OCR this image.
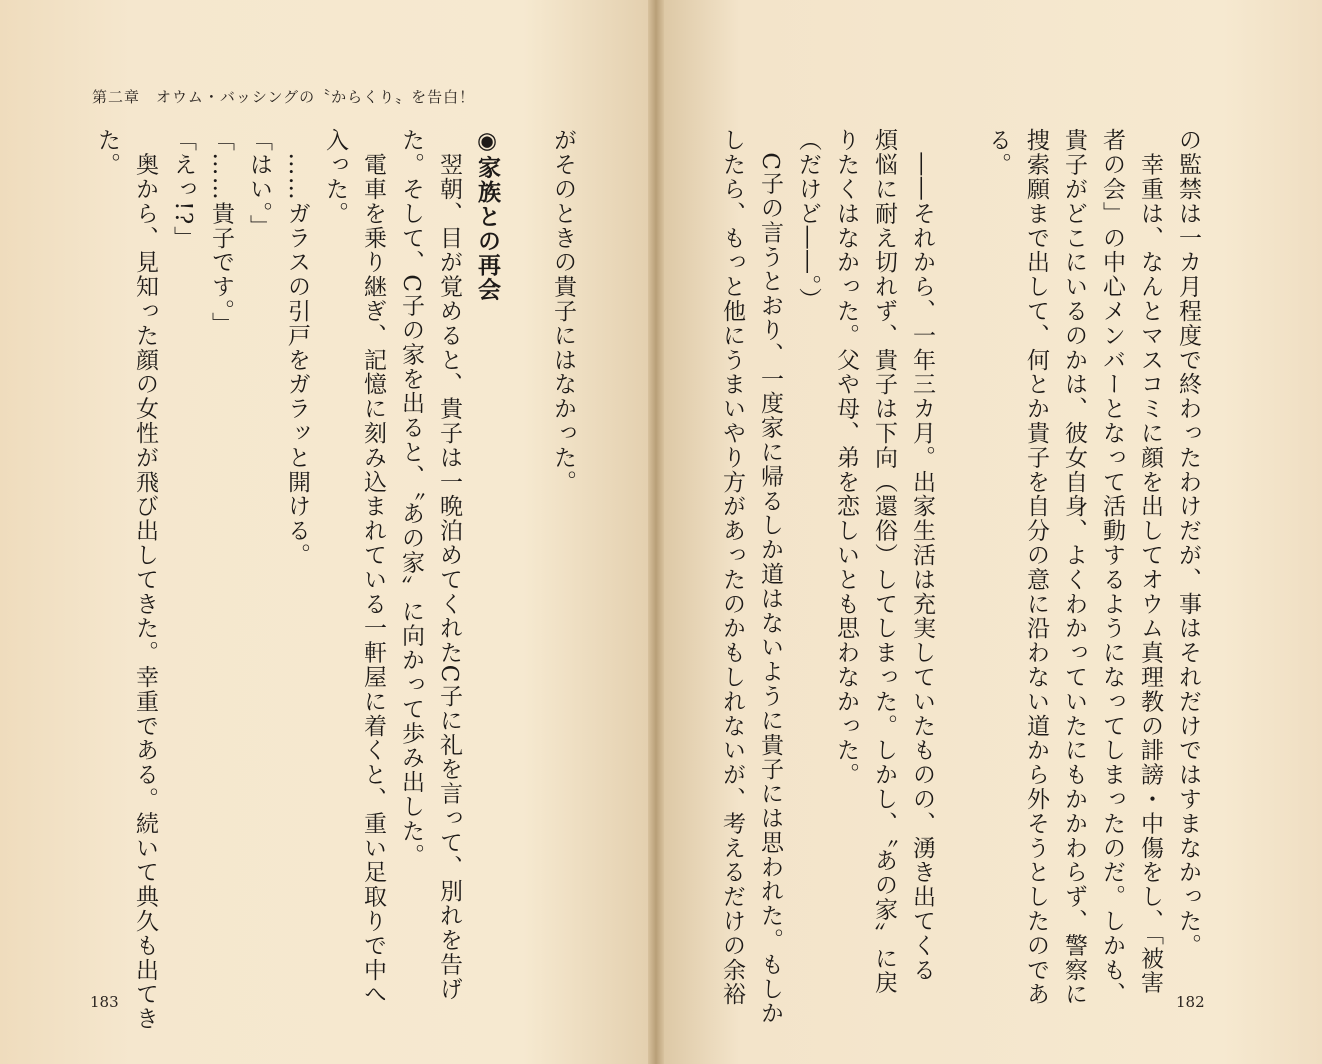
第二章　オウム・バッシングの〝からくり〟を告白！
がそのときの貴子にはなかった。
◉家族との再会
　翌朝、目が覚めると、貴子は一晩泊めてくれたC子に礼を言って、別れを告げ
た。そして、C子の家を出ると、〝あの家〟に向かって歩み出した。
　電車を乗り継ぎ、記憶に刻み込まれている一軒屋に着くと、重い足取りで中へ
入った。
　……ガラスの引戸をガラッと開ける。
「はい。」
「……貴子です。」
「えっ!?」
　奥から、見知った顔の女性が飛び出してきた。幸重である。続いて典久も出てき
た。
183
の監禁は一カ月程度で終わったわけだが、事はそれだけではすまなかった。
　幸重は、なんとマスコミに顔を出してオウム真理教の誹謗・中傷をし、「被害
者の会」の中心メンバーとなって活動するようになってしまったのだ。しかも、
貴子がどこにいるのかは、彼女自身、よくわかっていたにもかかわらず、警察に
捜索願まで出して、何とか貴子を自分の意に沿わない道から外そうとしたのであ
る。
　――それから、一年三カ月。出家生活は充実していたものの、湧き出てくる
煩悩に耐え切れず、貴子は下向（還俗）してしまった。しかし、〝あの家〟に戻
りたくはなかった。父や母、弟を恋しいとも思わなかった。
（だけど――。）
　C子の言うとおり、一度家に帰るしか道はないように貴子には思われた。もしか
したら、もっと他にうまいやり方があったのかもしれないが、考えるだけの余裕	182
